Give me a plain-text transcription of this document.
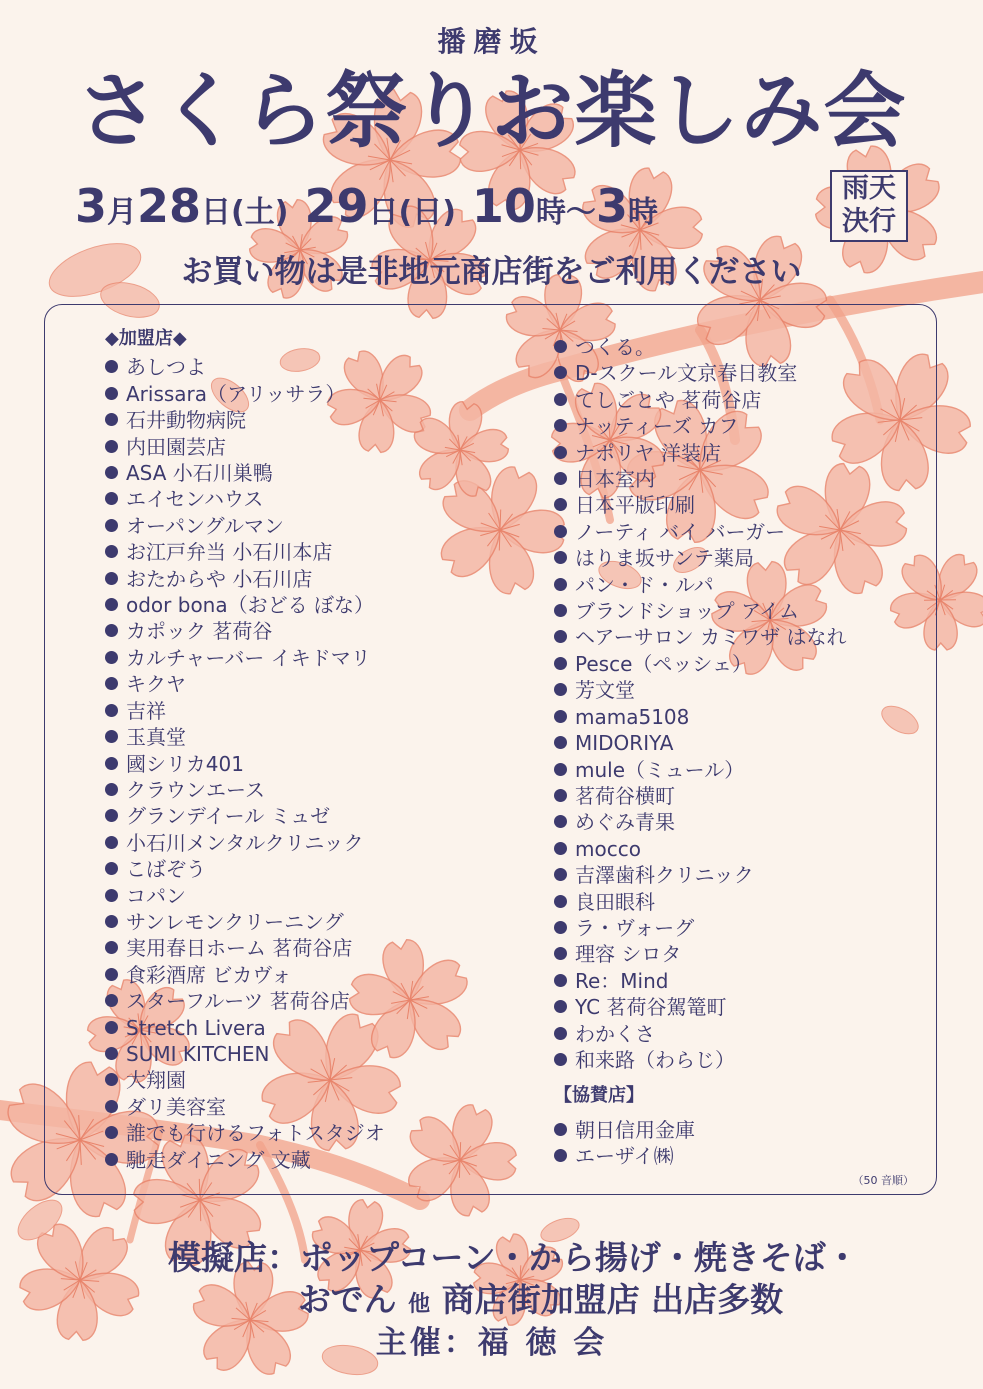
播磨坂
さくら祭りお楽しみ会
3月28日(土) 29日(日) 10時～3時
雨天
決行
お買い物は是非地元商店街をご利用ください
◆加盟店◆
あしつよ
Arissara（アリッサラ）
石井動物病院
内田園芸店
ASA 小石川巣鴨
エイセンハウス
オーパングルマン
お江戸弁当 小石川本店
おたからや 小石川店
odor bona（おどる ぼな）
カポック 茗荷谷
カルチャーバー イキドマリ
キクヤ
吉祥
玉真堂
國シリカ401
クラウンエース
グランデイール ミュゼ
小石川メンタルクリニック
こばぞう
コパン
サンレモンクリーニング
実用春日ホーム 茗荷谷店
食彩酒席 ビカヴォ
スターフルーツ 茗荷谷店
Stretch Livera
SUMI KITCHEN
大翔園
ダリ美容室
誰でも行けるフォトスタジオ
馳走ダイニング 文藏
つくる。
D-スクール文京春日教室
てしごとや 茗荷谷店
ナッティーズ カフ
ナポリヤ 洋装店
日本室内
日本平版印刷
ノーティ バイ バーガー
はりま坂サンテ薬局
パン・ド・ルパ
ブランドショップ アイム
ヘアーサロン カミワザ はなれ
Pesce（ペッシェ）
芳文堂
mama5108
MIDORIYA
mule（ミュール）
茗荷谷横町
めぐみ青果
mocco
吉澤歯科クリニック
良田眼科
ラ・ヴォーグ
理容 シロタ
Re：Mind
YC 茗荷谷駕篭町
わかくさ
和来路（わらじ）
【協賛店】
朝日信用金庫
エーザイ㈱
（50 音順）
模擬店：ポップコーン・から揚げ・焼きそば・
おでん 他 商店街加盟店 出店多数
主催：福 徳 会
